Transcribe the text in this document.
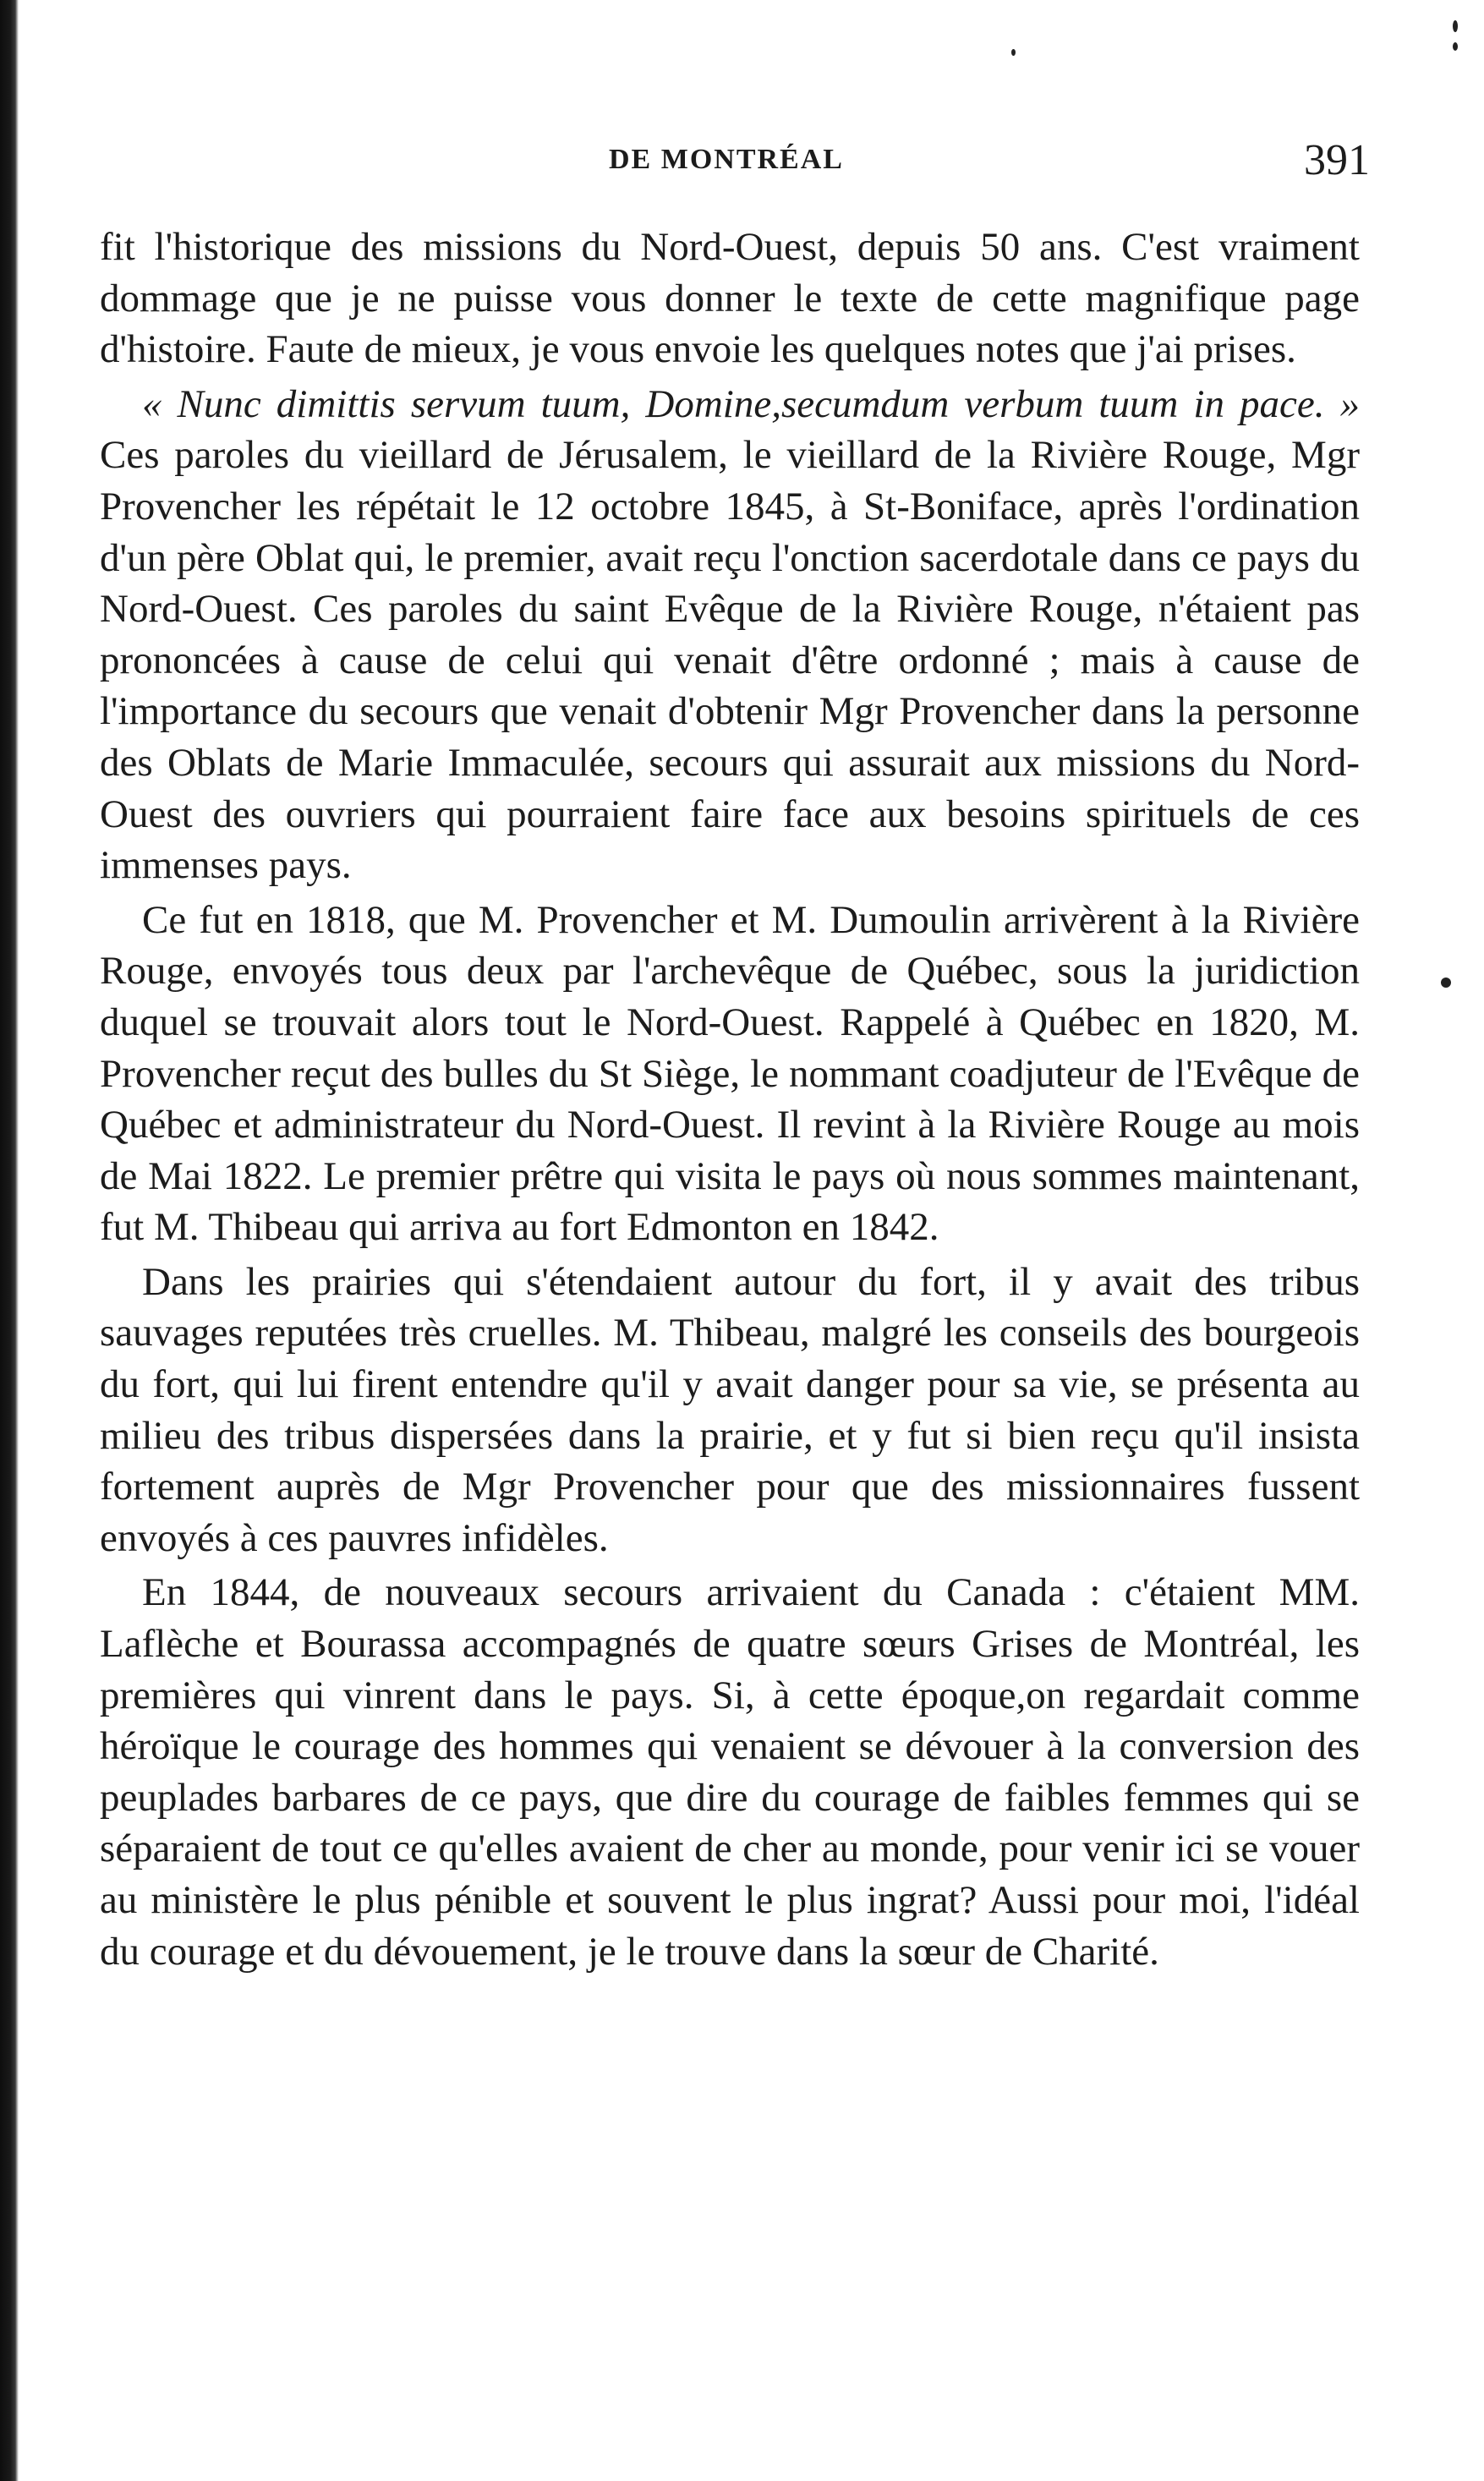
DE MONTRÉAL	391

fit l'historique des missions du Nord-Ouest, depuis 50 ans. C'est vraiment dommage que je ne puisse vous donner le texte de cette magnifique page d'histoire. Faute de mieux, je vous envoie les quelques notes que j'ai prises.

« Nunc dimittis servum tuum, Domine,secumdum verbum tuum in pace. » Ces paroles du vieillard de Jérusalem, le vieillard de la Rivière Rouge, Mgr Provencher les répétait le 12 octobre 1845, à St-Boniface, après l'ordination d'un père Oblat qui, le premier, avait reçu l'onction sacerdotale dans ce pays du Nord-Ouest. Ces paroles du saint Evêque de la Rivière Rouge, n'étaient pas prononcées à cause de celui qui venait d'être ordonné ; mais à cause de l'importance du secours que venait d'obtenir Mgr Provencher dans la personne des Oblats de Marie Immaculée, secours qui assurait aux missions du Nord-Ouest des ouvriers qui pourraient faire face aux besoins spirituels de ces immenses pays.

Ce fut en 1818, que M. Provencher et M. Dumoulin arrivèrent à la Rivière Rouge, envoyés tous deux par l'archevêque de Québec, sous la juridiction duquel se trouvait alors tout le Nord-Ouest. Rappelé à Québec en 1820, M. Provencher reçut des bulles du St Siège, le nommant coadjuteur de l'Evêque de Québec et administrateur du Nord-Ouest. Il revint à la Rivière Rouge au mois de Mai 1822. Le premier prêtre qui visita le pays où nous sommes maintenant, fut M. Thibeau qui arriva au fort Edmonton en 1842.

Dans les prairies qui s'étendaient autour du fort, il y avait des tribus sauvages reputées très cruelles. M. Thibeau, malgré les conseils des bourgeois du fort, qui lui firent entendre qu'il y avait danger pour sa vie, se présenta au milieu des tribus dispersées dans la prairie, et y fut si bien reçu qu'il insista fortement auprès de Mgr Provencher pour que des missionnaires fussent envoyés à ces pauvres infidèles.

En 1844, de nouveaux secours arrivaient du Canada : c'étaient MM. Laflèche et Bourassa accompagnés de quatre sœurs Grises de Montréal, les premières qui vinrent dans le pays. Si, à cette époque,on regardait comme héroïque le courage des hommes qui venaient se dévouer à la conversion des peuplades barbares de ce pays, que dire du courage de faibles femmes qui se séparaient de tout ce qu'elles avaient de cher au monde, pour venir ici se vouer au ministère le plus pénible et souvent le plus ingrat? Aussi pour moi, l'idéal du courage et du dévouement, je le trouve dans la sœur de Charité.
